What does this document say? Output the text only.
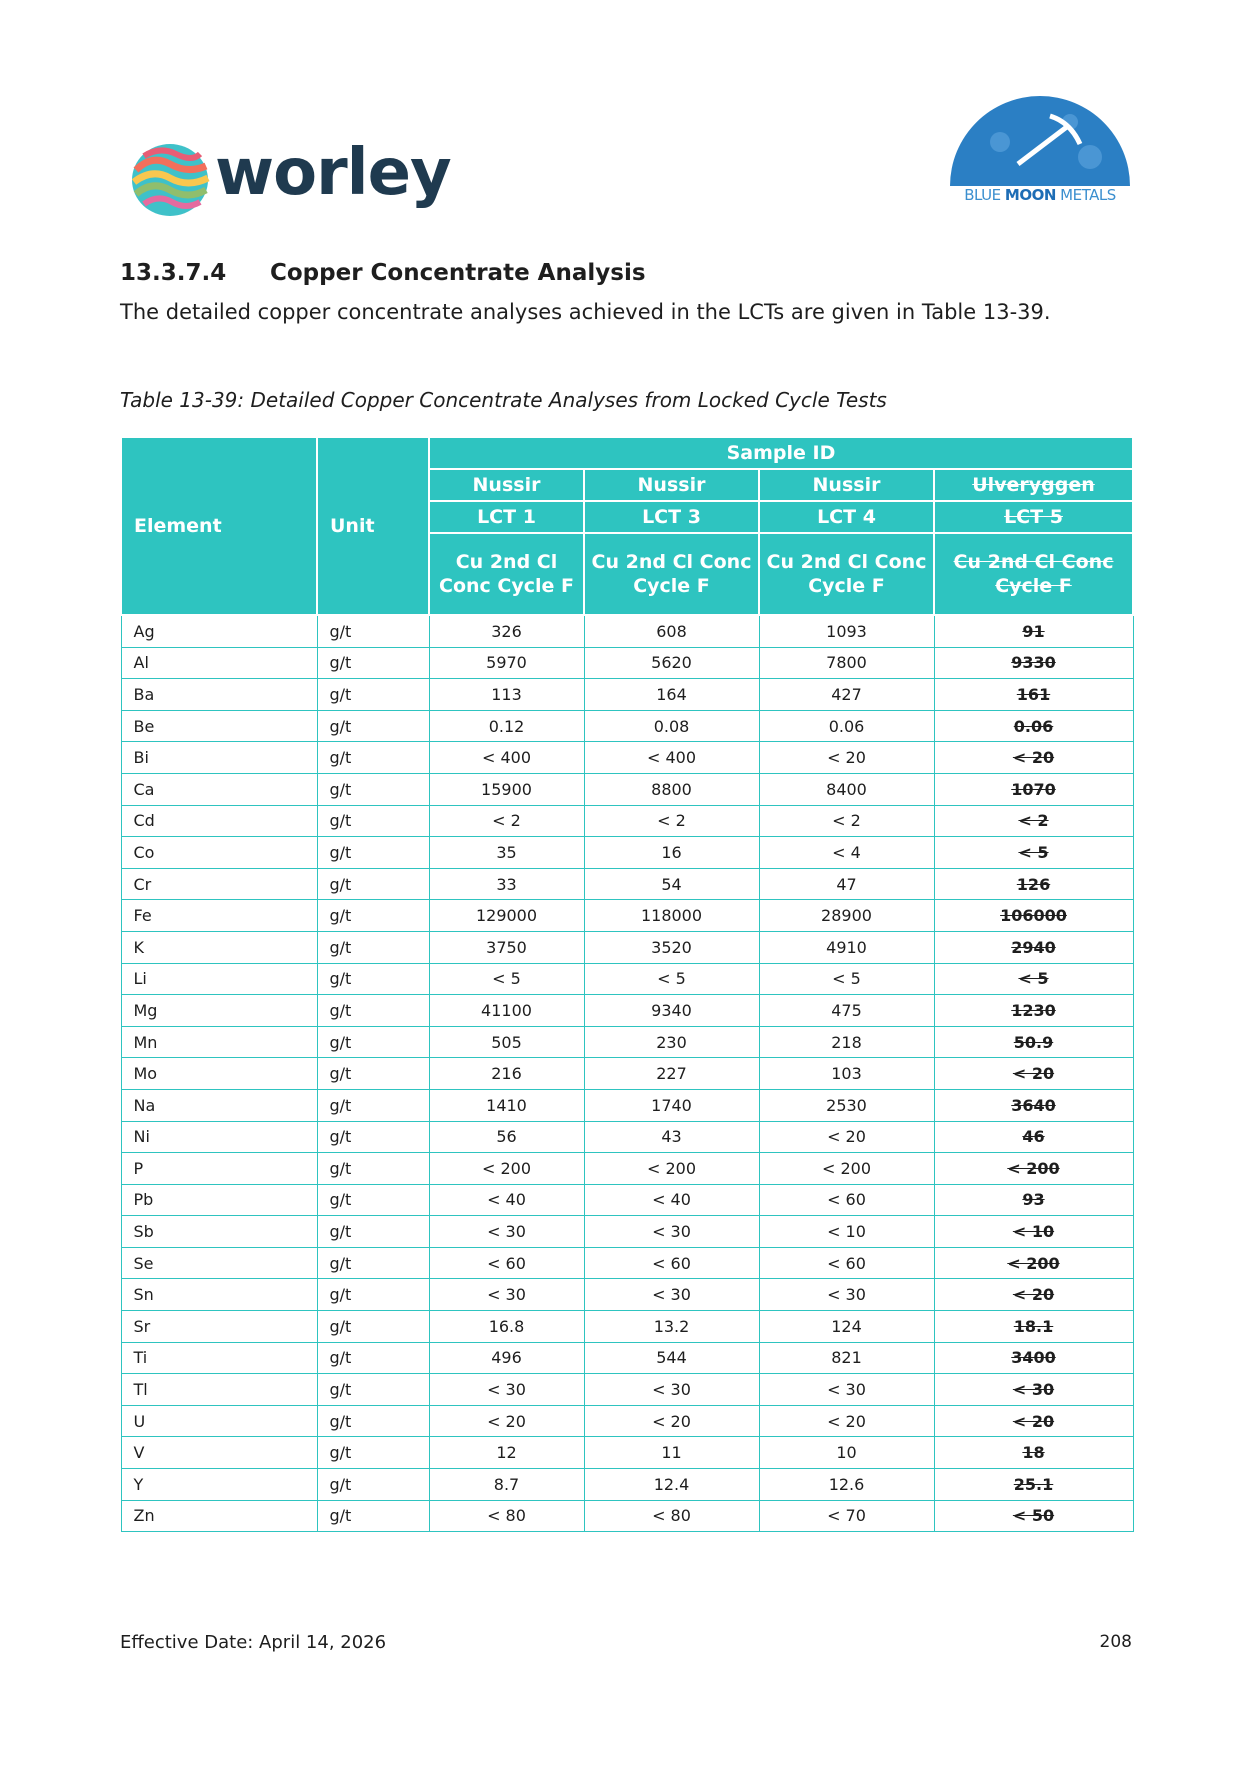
worley	BLUE MOON METALS
13.3.7.4 Copper Concentrate Analysis
The detailed copper concentrate analyses achieved in the LCTs are given in Table 13-39.
Table 13-39: Detailed Copper Concentrate Analyses from Locked Cycle Tests
Element	Unit	Sample ID			
		Nussir	Nussir	Nussir	Ulveryggen
		LCT 1	LCT 3	LCT 4	LCT 5
		Cu 2nd Cl Conc Cycle F	Cu 2nd Cl Conc Cycle F	Cu 2nd Cl Conc Cycle F	Cu 2nd Cl Conc Cycle F
Ag	g/t	326	608	1093	91
Al	g/t	5970	5620	7800	9330
Ba	g/t	113	164	427	161
Be	g/t	0.12	0.08	0.06	0.06
Bi	g/t	< 400	< 400	< 20	< 20
Ca	g/t	15900	8800	8400	1070
Cd	g/t	< 2	< 2	< 2	< 2
Co	g/t	35	16	< 4	< 5
Cr	g/t	33	54	47	126
Fe	g/t	129000	118000	28900	106000
K	g/t	3750	3520	4910	2940
Li	g/t	< 5	< 5	< 5	< 5
Mg	g/t	41100	9340	475	1230
Mn	g/t	505	230	218	50.9
Mo	g/t	216	227	103	< 20
Na	g/t	1410	1740	2530	3640
Ni	g/t	56	43	< 20	46
P	g/t	< 200	< 200	< 200	< 200
Pb	g/t	< 40	< 40	< 60	93
Sb	g/t	< 30	< 30	< 10	< 10
Se	g/t	< 60	< 60	< 60	< 200
Sn	g/t	< 30	< 30	< 30	< 20
Sr	g/t	16.8	13.2	124	18.1
Ti	g/t	496	544	821	3400
Tl	g/t	< 30	< 30	< 30	< 30
U	g/t	< 20	< 20	< 20	< 20
V	g/t	12	11	10	18
Y	g/t	8.7	12.4	12.6	25.1
Zn	g/t	< 80	< 80	< 70	< 50
Effective Date: April 14, 2026	208
